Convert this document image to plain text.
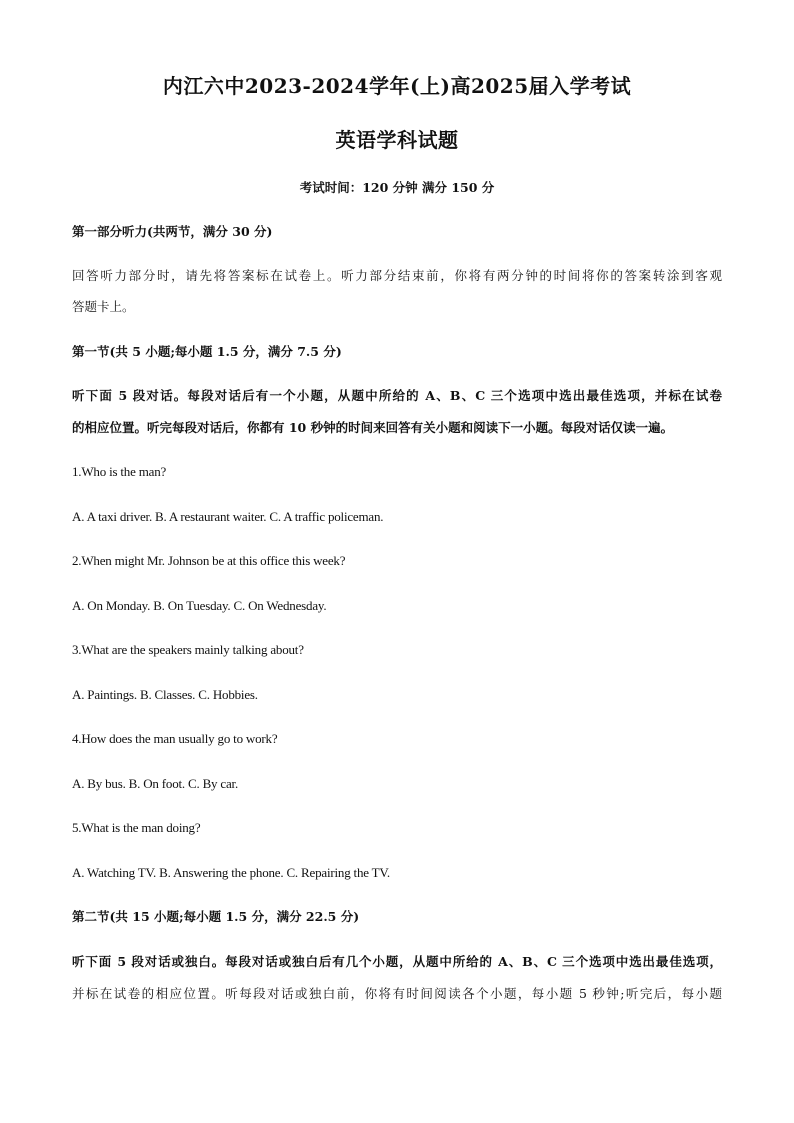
内江六中2023-2024学年(上)高2025届入学考试
英语学科试题
考试时间：120 分钟 满分 150 分
第一部分听力(共两节，满分 30 分)
回答听力部分时，请先将答案标在试卷上。听力部分结束前，你将有两分钟的时间将你的答案转涂到客观
答题卡上。
第一节(共 5 小题;每小题 1.5 分，满分 7.5 分)
听下面 5 段对话。每段对话后有一个小题，从题中所给的 A、B、C 三个选项中选出最佳选项，并标在试卷
的相应位置。听完每段对话后，你都有 10 秒钟的时间来回答有关小题和阅读下一小题。每段对话仅读一遍。
1.Who is the man?
A. A taxi driver. B. A restaurant waiter. C. A traffic policeman.
2.When might Mr. Johnson be at this office this week?
A. On Monday. B. On Tuesday. C. On Wednesday.
3.What are the speakers mainly talking about?
A. Paintings. B. Classes. C. Hobbies.
4.How does the man usually go to work?
A. By bus. B. On foot. C. By car.
5.What is the man doing?
A. Watching TV. B. Answering the phone. C. Repairing the TV.
第二节(共 15 小题;每小题 1.5 分，满分 22.5 分)
听下面 5 段对话或独白。每段对话或独白后有几个小题，从题中所给的 A、B、C 三个选项中选出最佳选项，
并标在试卷的相应位置。听每段对话或独白前，你将有时间阅读各个小题，每小题 5 秒钟;听完后，每小题
